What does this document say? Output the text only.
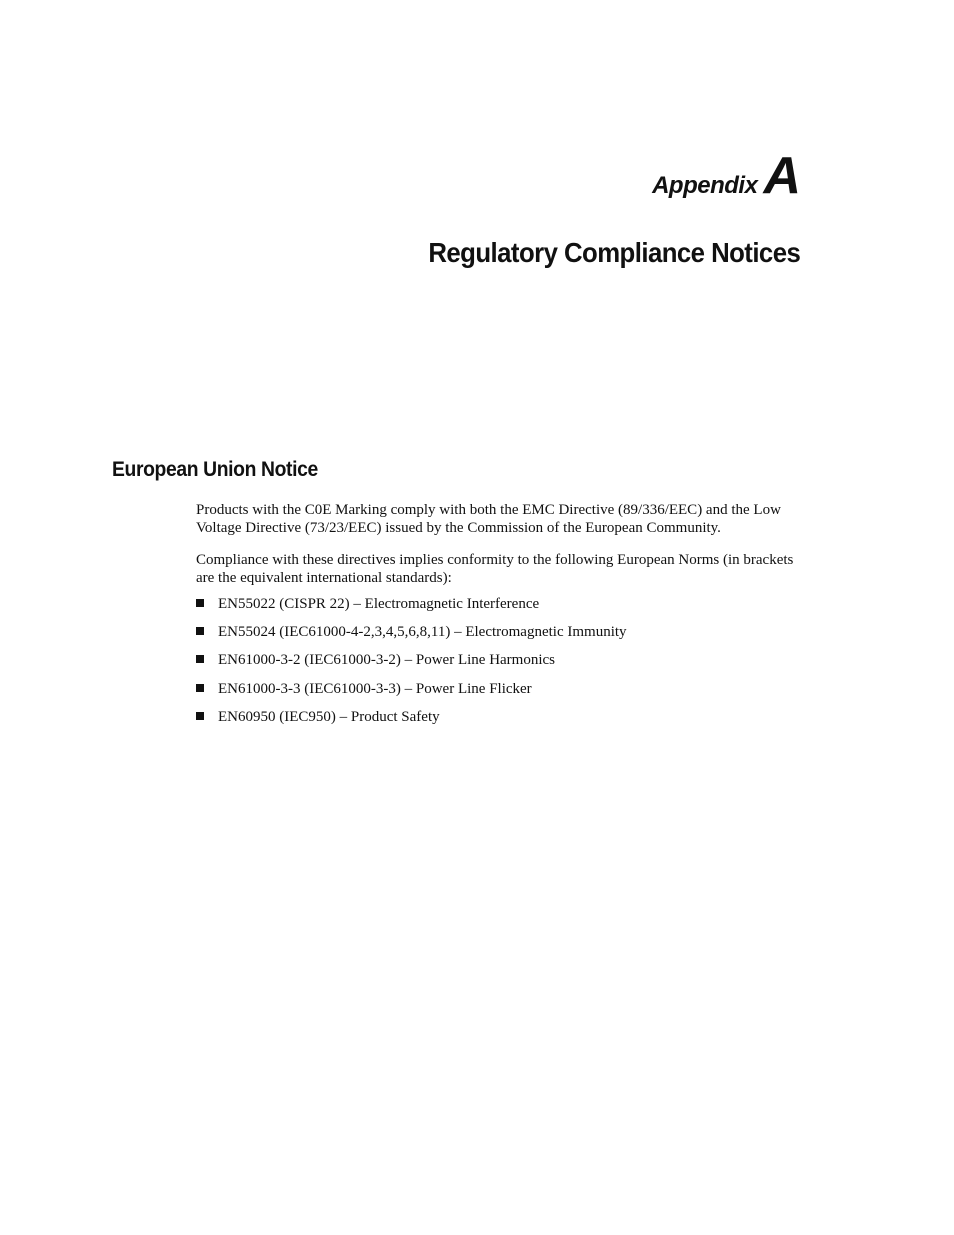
Appendix A
Regulatory Compliance Notices
European Union Notice

Products with the C0E Marking comply with both the EMC Directive (89/336/EEC) and the Low Voltage Directive (73/23/EEC) issued by the Commission of the European Community.

Compliance with these directives implies conformity to the following European Norms (in brackets are the equivalent international standards):

EN55022 (CISPR 22) – Electromagnetic Interference
EN55024 (IEC61000-4-2,3,4,5,6,8,11) – Electromagnetic Immunity
EN61000-3-2 (IEC61000-3-2) – Power Line Harmonics
EN61000-3-3 (IEC61000-3-3) – Power Line Flicker
EN60950 (IEC950) – Product Safety
